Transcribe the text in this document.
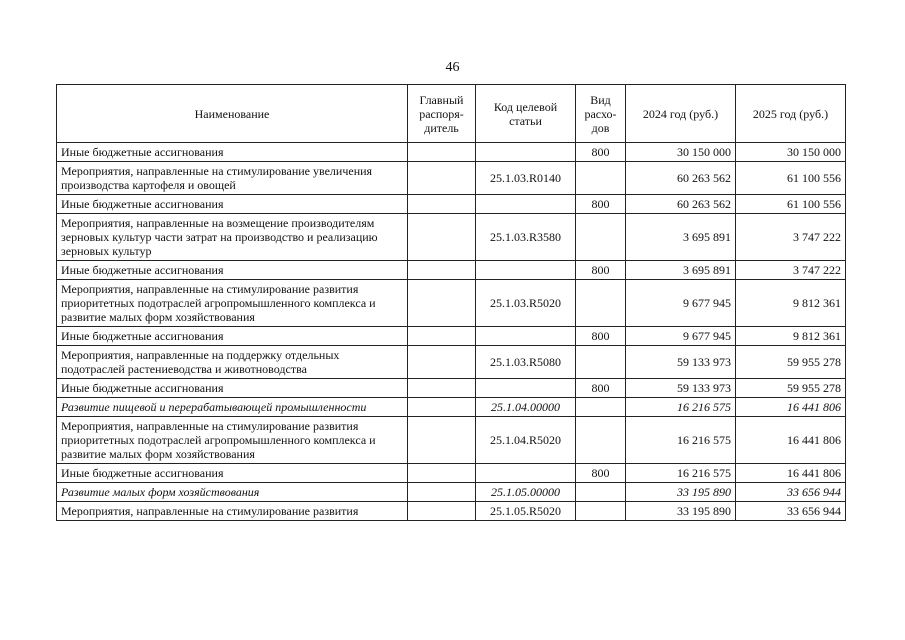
46
Наименование	Главный распоря- дитель	Код целевой статьи	Вид расхо- дов	2024 год (руб.)	2025 год (руб.)
Иные бюджетные ассигнования			800	30 150 000	30 150 000
Мероприятия, направленные на стимулирование увеличения производства картофеля и овощей		25.1.03.R0140		60 263 562	61 100 556
Иные бюджетные ассигнования			800	60 263 562	61 100 556
Мероприятия, направленные на возмещение производителям зерновых культур части затрат на производство и реализацию зерновых культур		25.1.03.R3580		3 695 891	3 747 222
Иные бюджетные ассигнования			800	3 695 891	3 747 222
Мероприятия, направленные на стимулирование развития приоритетных подотраслей агропромышленного комплекса и развитие малых форм хозяйствования		25.1.03.R5020		9 677 945	9 812 361
Иные бюджетные ассигнования			800	9 677 945	9 812 361
Мероприятия, направленные на поддержку отдельных подотраслей растениеводства и животноводства		25.1.03.R5080		59 133 973	59 955 278
Иные бюджетные ассигнования			800	59 133 973	59 955 278
Развитие пищевой и перерабатывающей промышленности		25.1.04.00000		16 216 575	16 441 806
Мероприятия, направленные на стимулирование развития приоритетных подотраслей агропромышленного комплекса и развитие малых форм хозяйствования		25.1.04.R5020		16 216 575	16 441 806
Иные бюджетные ассигнования			800	16 216 575	16 441 806
Развитие малых форм хозяйствования		25.1.05.00000		33 195 890	33 656 944
Мероприятия, направленные на стимулирование развития		25.1.05.R5020		33 195 890	33 656 944
